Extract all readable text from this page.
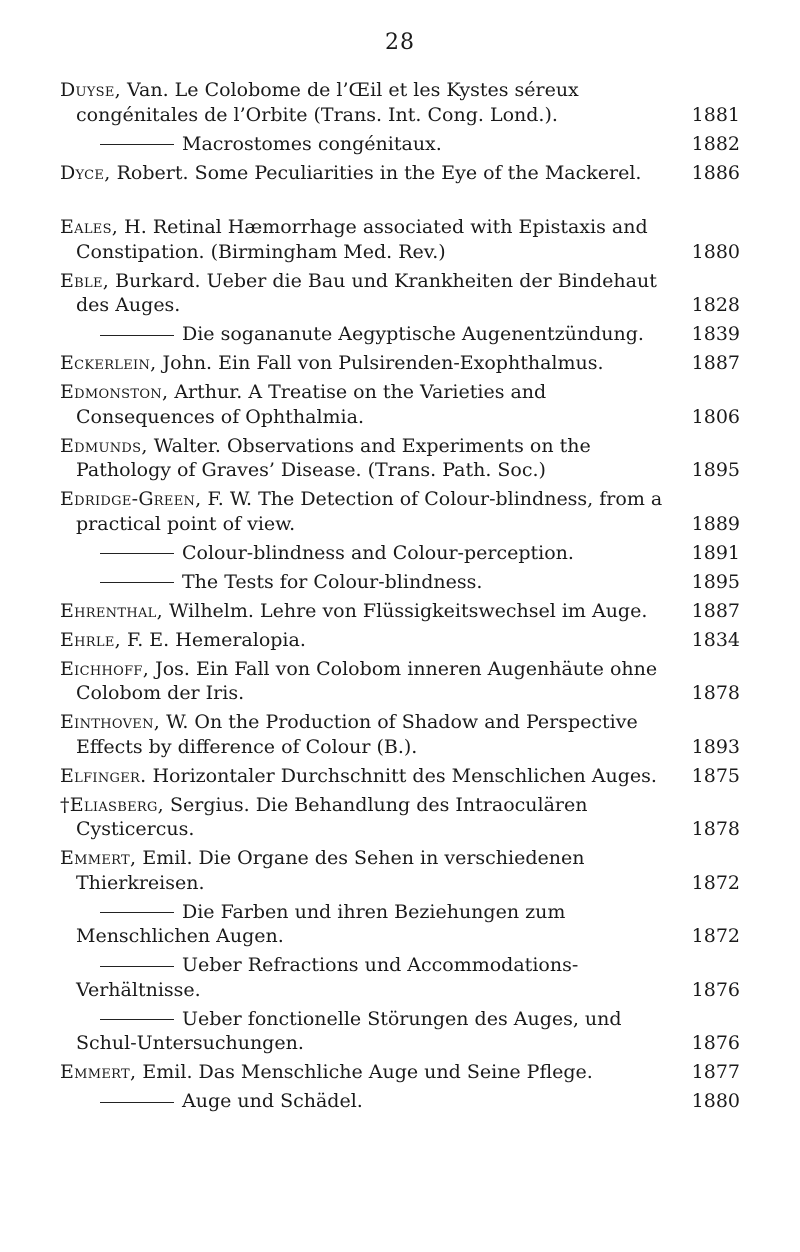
28
Duyse, Van. Le Colobome de l’Œil et les Kystes séreux congénitales de l’Orbite (Trans. Int. Cong. Lond.).	1881
Macrostomes congénitaux.	1882
Dyce, Robert. Some Peculiarities in the Eye of the Mackerel.	1886
Eales, H. Retinal Hæmorrhage associated with Epistaxis and Constipation. (Birmingham Med. Rev.)	1880
Eble, Burkard. Ueber die Bau und Krankheiten der Bindehaut des Auges.	1828
Die sogananute Aegyptische Augenentzündung.	1839
Eckerlein, John. Ein Fall von Pulsirenden-Exophthalmus.	1887
Edmonston, Arthur. A Treatise on the Varieties and Consequences of Ophthalmia.	1806
Edmunds, Walter. Observations and Experiments on the Pathology of Graves’ Disease. (Trans. Path. Soc.)	1895
Edridge-Green, F. W. The Detection of Colour-blindness, from a practical point of view.	1889
Colour-blindness and Colour-perception.	1891
The Tests for Colour-blindness.	1895
Ehrenthal, Wilhelm. Lehre von Flüssigkeitswechsel im Auge.	1887
Ehrle, F. E. Hemeralopia.	1834
Eichhoff, Jos. Ein Fall von Colobom inneren Augenhäute ohne Colobom der Iris.	1878
Einthoven, W. On the Production of Shadow and Perspective Effects by difference of Colour (B.).	1893
Elfinger. Horizontaler Durchschnitt des Menschlichen Auges.	1875
†Eliasberg, Sergius. Die Behandlung des Intraoculären Cysticercus.	1878
Emmert, Emil. Die Organe des Sehen in verschiedenen Thierkreisen.	1872
Die Farben und ihren Beziehungen zum Menschlichen Augen.	1872
Ueber Refractions und Accommodations-Verhältnisse.	1876
Ueber fonctionelle Störungen des Auges, und Schul-Untersuchungen.	1876
Emmert, Emil. Das Menschliche Auge und Seine Pflege.	1877
Auge und Schädel.	1880
